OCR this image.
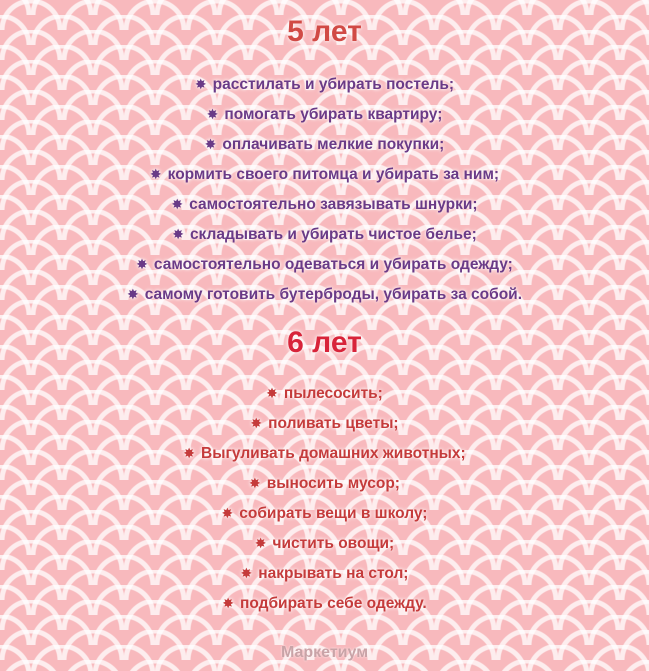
5 лет
✸ расстилать и убирать постель;
✸ помогать убирать квартиру;
✸ оплачивать мелкие покупки;
✸ кормить своего питомца и убирать за ним;
✸ самостоятельно завязывать шнурки;
✸ складывать и убирать чистое белье;
✸ самостоятельно одеваться и убирать одежду;
✸ самому готовить бутерброды, убирать за собой.
6 лет
✸ пылесосить;
✸ поливать цветы;
✸ Выгуливать домашних животных;
✸ выносить мусор;
✸ собирать вещи в школу;
✸ чистить овощи;
✸ накрывать на стол;
✸ подбирать себе одежду.
Маркетиум
